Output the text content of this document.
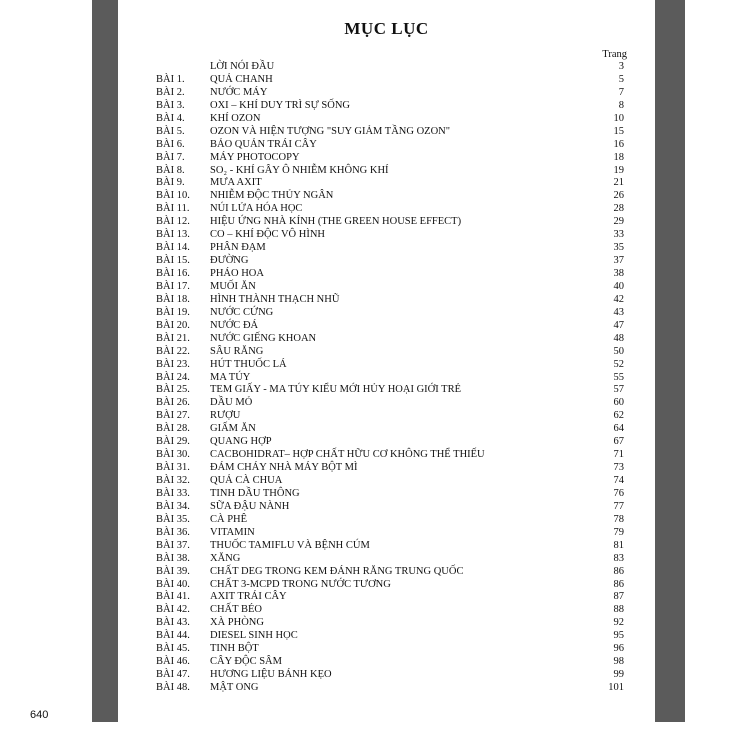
MỤC LỤC
Trang
LỜI NÓI ĐẦU	3
BÀI 1. QUẢ CHANH	5
BÀI 2. NƯỚC MÁY	7
BÀI 3. OXI – KHÍ DUY TRÌ SỰ SỐNG	8
BÀI 4. KHÍ OZON	10
BÀI 5. OZON VÀ HIỆN TƯỢNG "SUY GIẢM TẦNG OZON"	15
BÀI 6. BẢO QUẢN TRÁI CÂY	16
BÀI 7. MÁY PHOTOCOPY	18
BÀI 8. SO₂ - KHÍ GÂY Ô NHIỄM KHÔNG KHÍ	19
BÀI 9. MƯA AXIT	21
BÀI 10. NHIỄM ĐỘC THỦY NGÂN	26
BÀI 11. NÚI LỬA HÓA HỌC	28
BÀI 12. HIỆU ỨNG NHÀ KÍNH (THE GREEN HOUSE EFFECT)	29
BÀI 13. CO – KHÍ ĐỘC VÔ HÌNH	33
BÀI 14. PHÂN ĐẠM	35
BÀI 15. ĐƯỜNG	37
BÀI 16. PHÁO HOA	38
BÀI 17. MUỐI ĂN	40
BÀI 18. HÌNH THÀNH THẠCH NHŨ	42
BÀI 19. NƯỚC CỨNG	43
BÀI 20. NƯỚC ĐÁ	47
BÀI 21. NƯỚC GIẾNG KHOAN	48
BÀI 22. SÂU RĂNG	50
BÀI 23. HÚT THUỐC LÁ	52
BÀI 24. MA TÚY	55
BÀI 25. TEM GIẤY - MA TÚY KIỂU MỚI HỦY HOẠI GIỚI TRẺ	57
BÀI 26. DẦU MỎ	60
BÀI 27. RƯỢU	62
BÀI 28. GIẤM ĂN	64
BÀI 29. QUANG HỢP	67
BÀI 30. CACBOHIDRAT– HỢP CHẤT HỮU CƠ KHÔNG THỂ THIẾU	71
BÀI 31. ĐÁM CHÁY NHÀ MÁY BỘT MÌ	73
BÀI 32. QUẢ CÀ CHUA	74
BÀI 33. TINH DẦU THÔNG	76
BÀI 34. SỮA ĐẬU NÀNH	77
BÀI 35. CÀ PHÊ	78
BÀI 36. VITAMIN	79
BÀI 37. THUỐC TAMIFLU VÀ BỆNH CÚM	81
BÀI 38. XĂNG	83
BÀI 39. CHẤT DEG TRONG KEM ĐÁNH RĂNG TRUNG QUỐC	86
BÀI 40. CHẤT 3-MCPD TRONG NƯỚC TƯƠNG	86
BÀI 41. AXIT TRÁI CÂY	87
BÀI 42. CHẤT BÉO	88
BÀI 43. XÀ PHÒNG	92
BÀI 44. DIESEL SINH HỌC	95
BÀI 45. TINH BỘT	96
BÀI 46. CÂY ĐỘC SÂM	98
BÀI 47. HƯƠNG LIỆU BÁNH KẸO	99
BÀI 48. MẬT ONG	101
640
